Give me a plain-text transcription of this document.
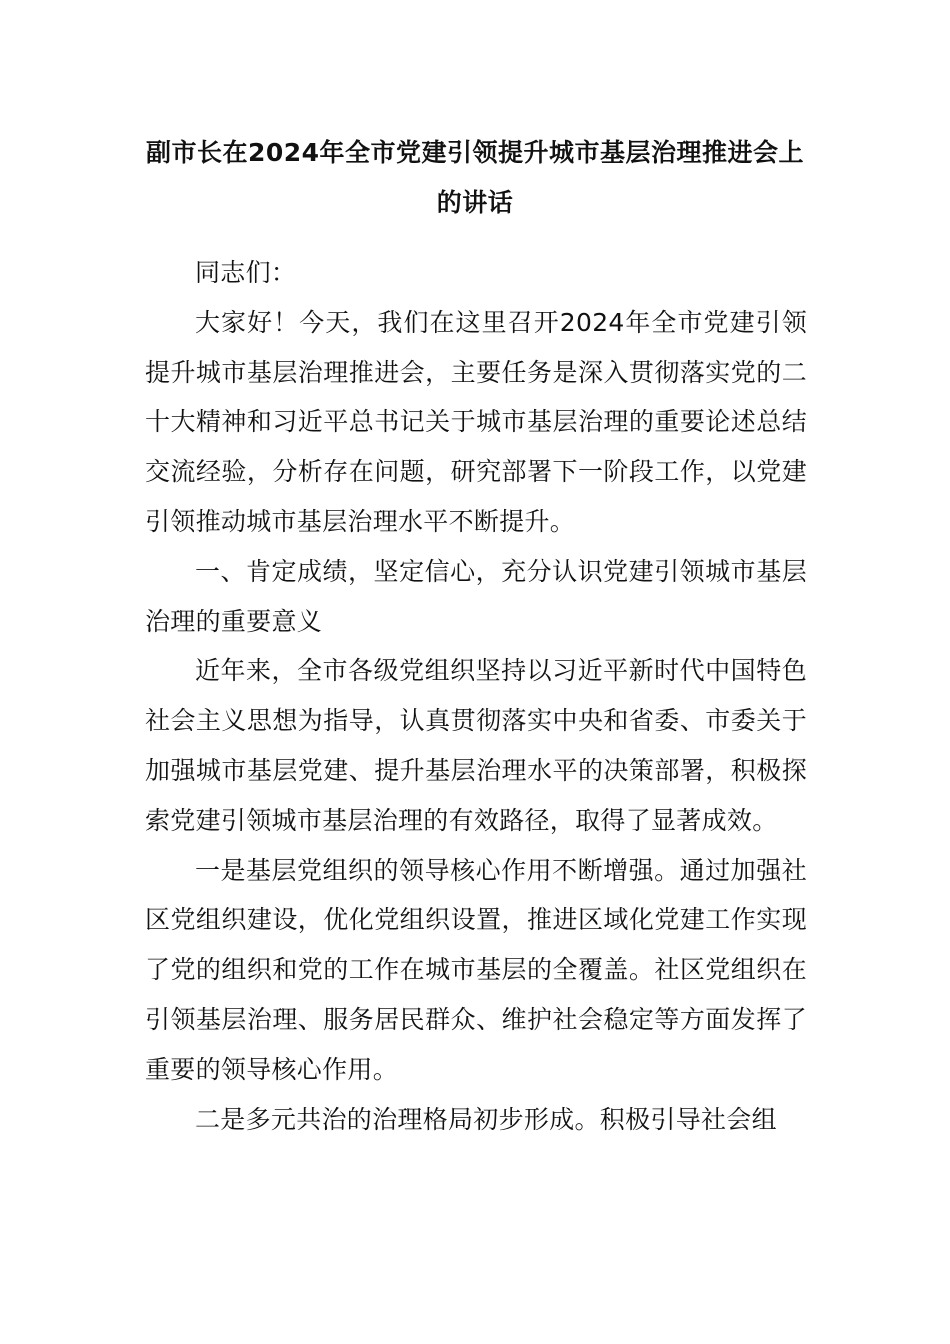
副市长在2024年全市党建引领提升城市基层治理推进会上的讲话

同志们：

大家好！今天，我们在这里召开2024年全市党建引领提升城市基层治理推进会，主要任务是深入贯彻落实党的二十大精神和习近平总书记关于城市基层治理的重要论述总结交流经验，分析存在问题，研究部署下一阶段工作，以党建引领推动城市基层治理水平不断提升。

一、肯定成绩，坚定信心，充分认识党建引领城市基层治理的重要意义

近年来，全市各级党组织坚持以习近平新时代中国特色社会主义思想为指导，认真贯彻落实中央和省委、市委关于加强城市基层党建、提升基层治理水平的决策部署，积极探索党建引领城市基层治理的有效路径，取得了显著成效。

一是基层党组织的领导核心作用不断增强。通过加强社区党组织建设，优化党组织设置，推进区域化党建工作实现了党的组织和党的工作在城市基层的全覆盖。社区党组织在引领基层治理、服务居民群众、维护社会稳定等方面发挥了重要的领导核心作用。

二是多元共治的治理格局初步形成。积极引导社会组
